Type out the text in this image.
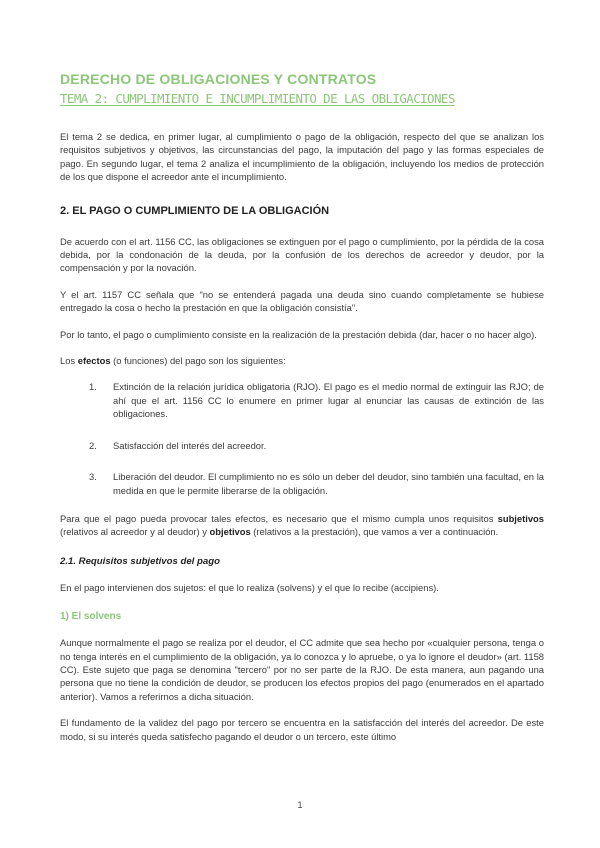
DERECHO DE OBLIGACIONES Y CONTRATOS
TEMA 2: CUMPLIMIENTO E INCUMPLIMIENTO DE LAS OBLIGACIONES

El tema 2 se dedica, en primer lugar, al cumplimiento o pago de la obligación, respecto del que se analizan los requisitos subjetivos y objetivos, las circunstancias del pago, la imputación del pago y las formas especiales de pago. En segundo lugar, el tema 2 analiza el incumplimiento de la obligación, incluyendo los medios de protección de los que dispone el acreedor ante el incumplimiento.

2. EL PAGO O CUMPLIMIENTO DE LA OBLIGACIÓN

De acuerdo con el art. 1156 CC, las obligaciones se extinguen por el pago o cumplimiento, por la pérdida de la cosa debida, por la condonación de la deuda, por la confusión de los derechos de acreedor y deudor, por la compensación y por la novación.

Y el art. 1157 CC señala que "no se entenderá pagada una deuda sino cuando completamente se hubiese entregado la cosa o hecho la prestación en que la obligación consistía".

Por lo tanto, el pago o cumplimiento consiste en la realización de la prestación debida (dar, hacer o no hacer algo).

Los efectos (o funciones) del pago son los siguientes:

1. Extinción de la relación jurídica obligatoria (RJO). El pago es el medio normal de extinguir las RJO; de ahí que el art. 1156 CC lo enumere en primer lugar al enunciar las causas de extinción de las obligaciones.
2. Satisfacción del interés del acreedor.
3. Liberación del deudor. El cumplimiento no es sólo un deber del deudor, sino también una facultad, en la medida en que le permite liberarse de la obligación.

Para que el pago pueda provocar tales efectos, es necesario que el mismo cumpla unos requisitos subjetivos (relativos al acreedor y al deudor) y objetivos (relativos a la prestación), que vamos a ver a continuación.

2.1. Requisitos subjetivos del pago

En el pago intervienen dos sujetos: el que lo realiza (solvens) y el que lo recibe (accipiens).

1) El solvens

Aunque normalmente el pago se realiza por el deudor, el CC admite que sea hecho por «cualquier persona, tenga o no tenga interés en el cumplimiento de la obligación, ya lo conozca y lo apruebe, o ya lo ignore el deudor» (art. 1158 CC). Este sujeto que paga se denomina "tercero" por no ser parte de la RJO. De esta manera, aun pagando una persona que no tiene la condición de deudor, se producen los efectos propios del pago (enumerados en el apartado anterior). Vamos a referirnos a dicha situación.

El fundamento de la validez del pago por tercero se encuentra en la satisfacción del interés del acreedor. De este modo, si su interés queda satisfecho pagando el deudor o un tercero, este último

1
